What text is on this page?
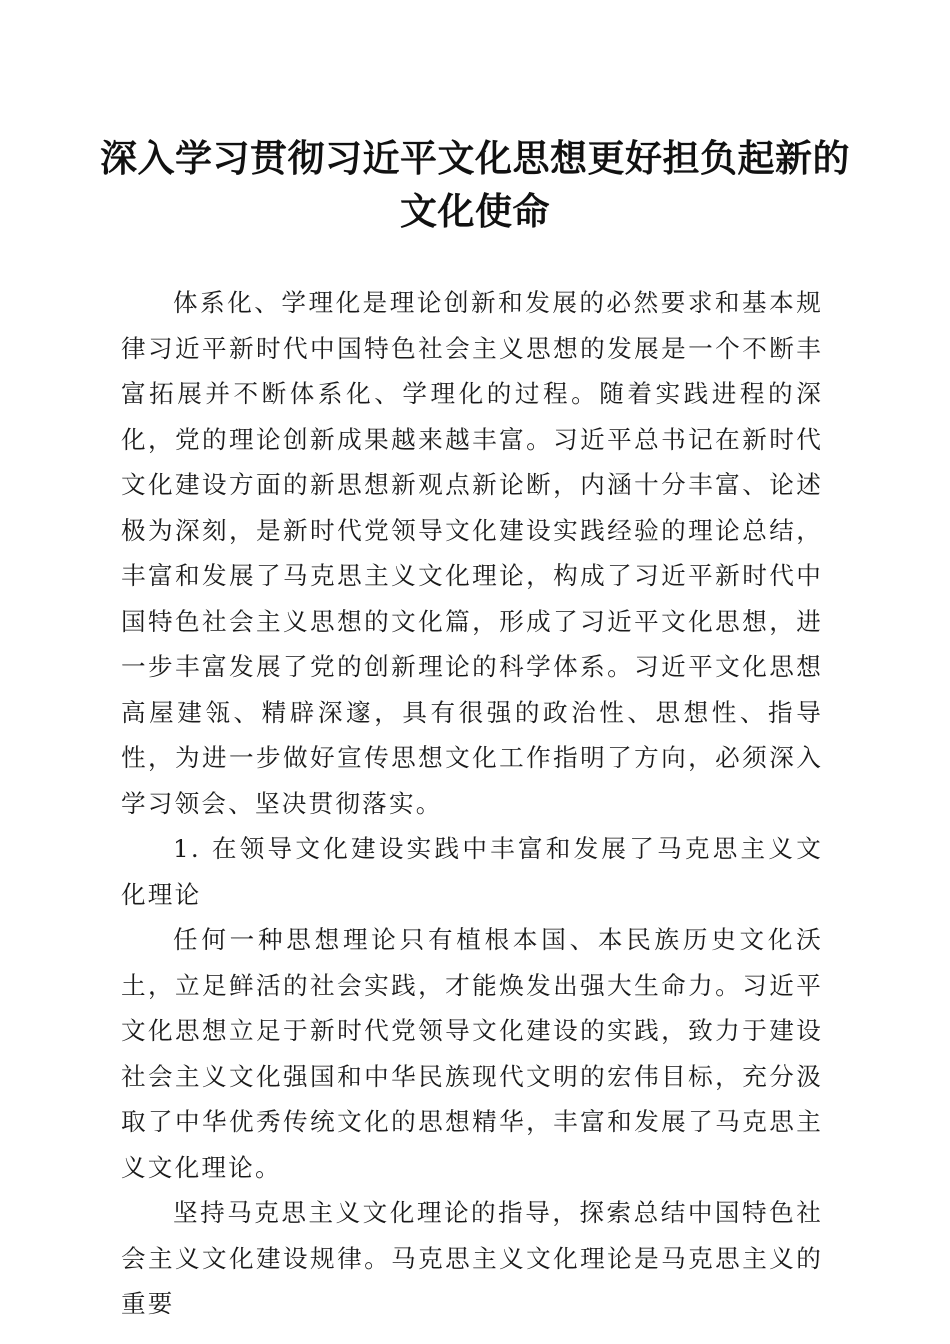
深入学习贯彻习近平文化思想更好担负起新的文化使命

体系化、学理化是理论创新和发展的必然要求和基本规律习近平新时代中国特色社会主义思想的发展是一个不断丰富拓展并不断体系化、学理化的过程。随着实践进程的深化，党的理论创新成果越来越丰富。习近平总书记在新时代文化建设方面的新思想新观点新论断，内涵十分丰富、论述极为深刻，是新时代党领导文化建设实践经验的理论总结，丰富和发展了马克思主义文化理论，构成了习近平新时代中国特色社会主义思想的文化篇，形成了习近平文化思想，进一步丰富发展了党的创新理论的科学体系。习近平文化思想高屋建瓴、精辟深邃，具有很强的政治性、思想性、指导性，为进一步做好宣传思想文化工作指明了方向，必须深入学习领会、坚决贯彻落实。

1. 在领导文化建设实践中丰富和发展了马克思主义文化理论

任何一种思想理论只有植根本国、本民族历史文化沃土，立足鲜活的社会实践，才能焕发出强大生命力。习近平文化思想立足于新时代党领导文化建设的实践，致力于建设社会主义文化强国和中华民族现代文明的宏伟目标，充分汲取了中华优秀传统文化的思想精华，丰富和发展了马克思主义文化理论。

坚持马克思主义文化理论的指导，探索总结中国特色社会主义文化建设规律。马克思主义文化理论是马克思主义的重要
